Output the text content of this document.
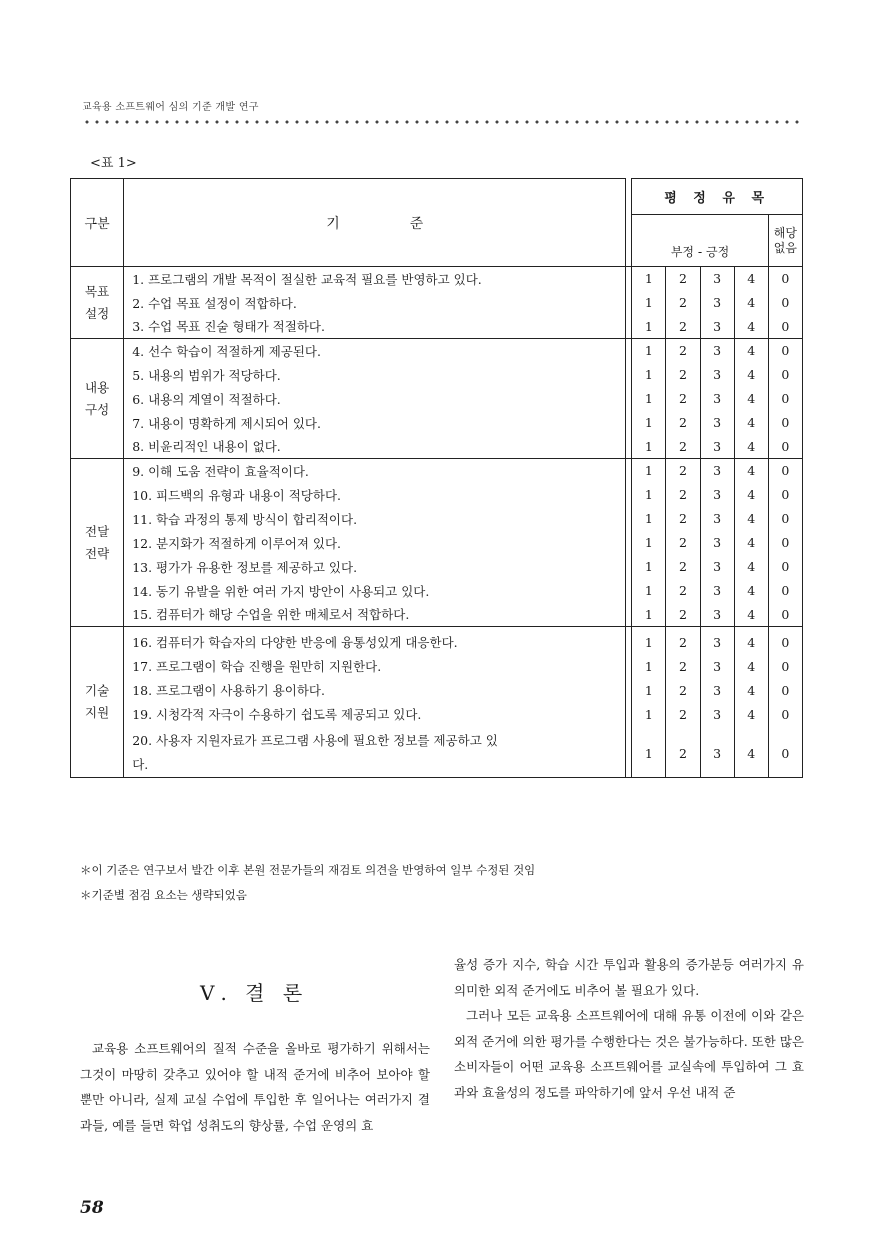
교육용 소프트웨어 심의 기준 개발 연구
<표 1>
구분	기준		평 정 유 목				
			부정 - 긍정				해당
없음
목표
설정	1. 프로그램의 개발 목적이 절실한 교육적 필요를 반영하고 있다.		1	2	3	4	0
	2. 수업 목표 설정이 적합하다.		1	2	3	4	0
	3. 수업 목표 진술 형태가 적절하다.		1	2	3	4	0
내용
구성	4. 선수 학습이 적절하게 제공된다.		1	2	3	4	0
	5. 내용의 범위가 적당하다.		1	2	3	4	0
	6. 내용의 계열이 적절하다.		1	2	3	4	0
	7. 내용이 명확하게 제시되어 있다.		1	2	3	4	0
	8. 비윤리적인 내용이 없다.		1	2	3	4	0
전달
전략	9. 이해 도움 전략이 효율적이다.		1	2	3	4	0
	10. 피드백의 유형과 내용이 적당하다.		1	2	3	4	0
	11. 학습 과정의 통제 방식이 합리적이다.		1	2	3	4	0
	12. 분지화가 적절하게 이루어져 있다.		1	2	3	4	0
	13. 평가가 유용한 정보를 제공하고 있다.		1	2	3	4	0
	14. 동기 유발을 위한 여러 가지 방안이 사용되고 있다.		1	2	3	4	0
	15. 컴퓨터가 해당 수업을 위한 매체로서 적합하다.		1	2	3	4	0
기술
지원	16. 컴퓨터가 학습자의 다양한 반응에 융통성있게 대응한다.		1	2	3	4	0
	17. 프로그램이 학습 진행을 원만히 지원한다.		1	2	3	4	0
	18. 프로그램이 사용하기 용이하다.		1	2	3	4	0
	19. 시청각적 자극이 수용하기 쉽도록 제공되고 있다.		1	2	3	4	0
	20. 사용자 지원자료가 프로그램 사용에 필요한 정보를 제공하고 있
다.		1	2	3	4	0
＊이 기준은 연구보서 발간 이후 본원 전문가들의 재검토 의견을 반영하여 일부 수정된 것임
＊기준별 점검 요소는 생략되었음
Ⅴ. 결 론

교육용 소프트웨어의 질적 수준을 올바로 평가하기 위해서는 그것이 마땅히 갖추고 있어야 할 내적 준거에 비추어 보아야 할 뿐만 아니라, 실제 교실 수업에 투입한 후 일어나는 여러가지 결과들, 예를 들면 학업 성취도의 향상률, 수업 운영의 효

율성 증가 지수, 학습 시간 투입과 활용의 증가분등 여러가지 유의미한 외적 준거에도 비추어 볼 필요가 있다.

그러나 모든 교육용 소프트웨어에 대해 유통 이전에 이와 같은 외적 준거에 의한 평가를 수행한다는 것은 불가능하다. 또한 많은 소비자들이 어떤 교육용 소프트웨어를 교실속에 투입하여 그 효과와 효율성의 정도를 파악하기에 앞서 우선 내적 준

58
